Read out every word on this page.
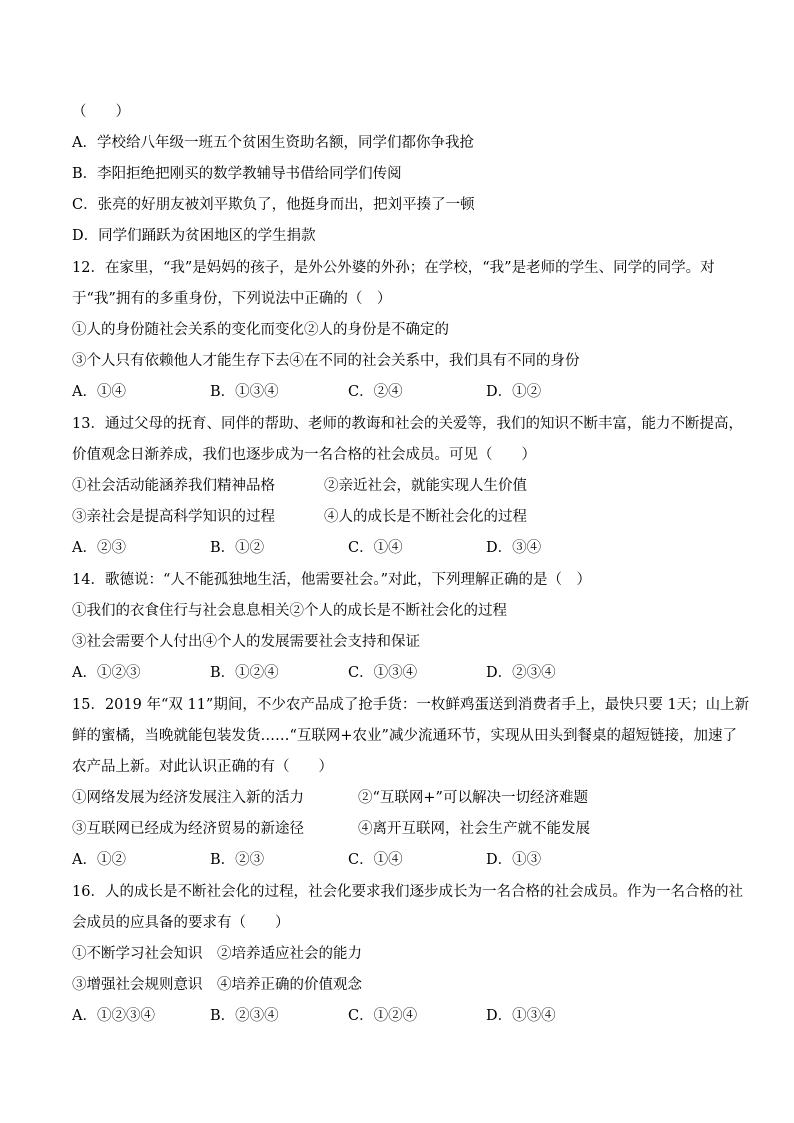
（　　）
A．学校给八年级一班五个贫困生资助名额，同学们都你争我抢
B．李阳拒绝把刚买的数学教辅导书借给同学们传阅
C．张亮的好朋友被刘平欺负了，他挺身而出，把刘平揍了一顿
D．同学们踊跃为贫困地区的学生捐款
12．在家里，“我”是妈妈的孩子，是外公外婆的外孙；在学校，“我”是老师的学生、同学的同学。对
于“我”拥有的多重身份，下列说法中正确的（　）
①人的身份随社会关系的变化而变化②人的身份是不确定的
③个人只有依赖他人才能生存下去④在不同的社会关系中，我们具有不同的身份
A．①④	B．①③④	C．②④	D．①②
13．通过父母的抚育、同伴的帮助、老师的教诲和社会的关爱等，我们的知识不断丰富，能力不断提高，
价值观念日渐养成，我们也逐步成为一名合格的社会成员。可见（　　）
①社会活动能涵养我们精神品格	②亲近社会，就能实现人生价值
③亲社会是提高科学知识的过程	④人的成长是不断社会化的过程
A．②③	B．①②	C．①④	D．③④
14．歌德说：“人不能孤独地生活，他需要社会。”对此，下列理解正确的是（　）
①我们的衣食住行与社会息息相关②个人的成长是不断社会化的过程
③社会需要个人付出④个人的发展需要社会支持和保证
A．①②③	B．①②④	C．①③④	D．②③④
15．2019 年“双 11”期间，不少农产品成了抢手货：一枚鲜鸡蛋送到消费者手上，最快只要 1天；山上新
鲜的蜜橘，当晚就能包装发货……“互联网+农业”减少流通环节，实现从田头到餐桌的超短链接，加速了
农产品上新。对此认识正确的有（　　）
①网络发展为经济发展注入新的活力	②“互联网+”可以解决一切经济难题
③互联网已经成为经济贸易的新途径	④离开互联网，社会生产就不能发展
A．①②	B．②③	C．①④	D．①③
16．人的成长是不断社会化的过程，社会化要求我们逐步成长为一名合格的社会成员。作为一名合格的社
会成员的应具备的要求有（　　）
①不断学习社会知识　②培养适应社会的能力
③增强社会规则意识　④培养正确的价值观念
A．①②③④	B．②③④	C．①②④	D．①③④
